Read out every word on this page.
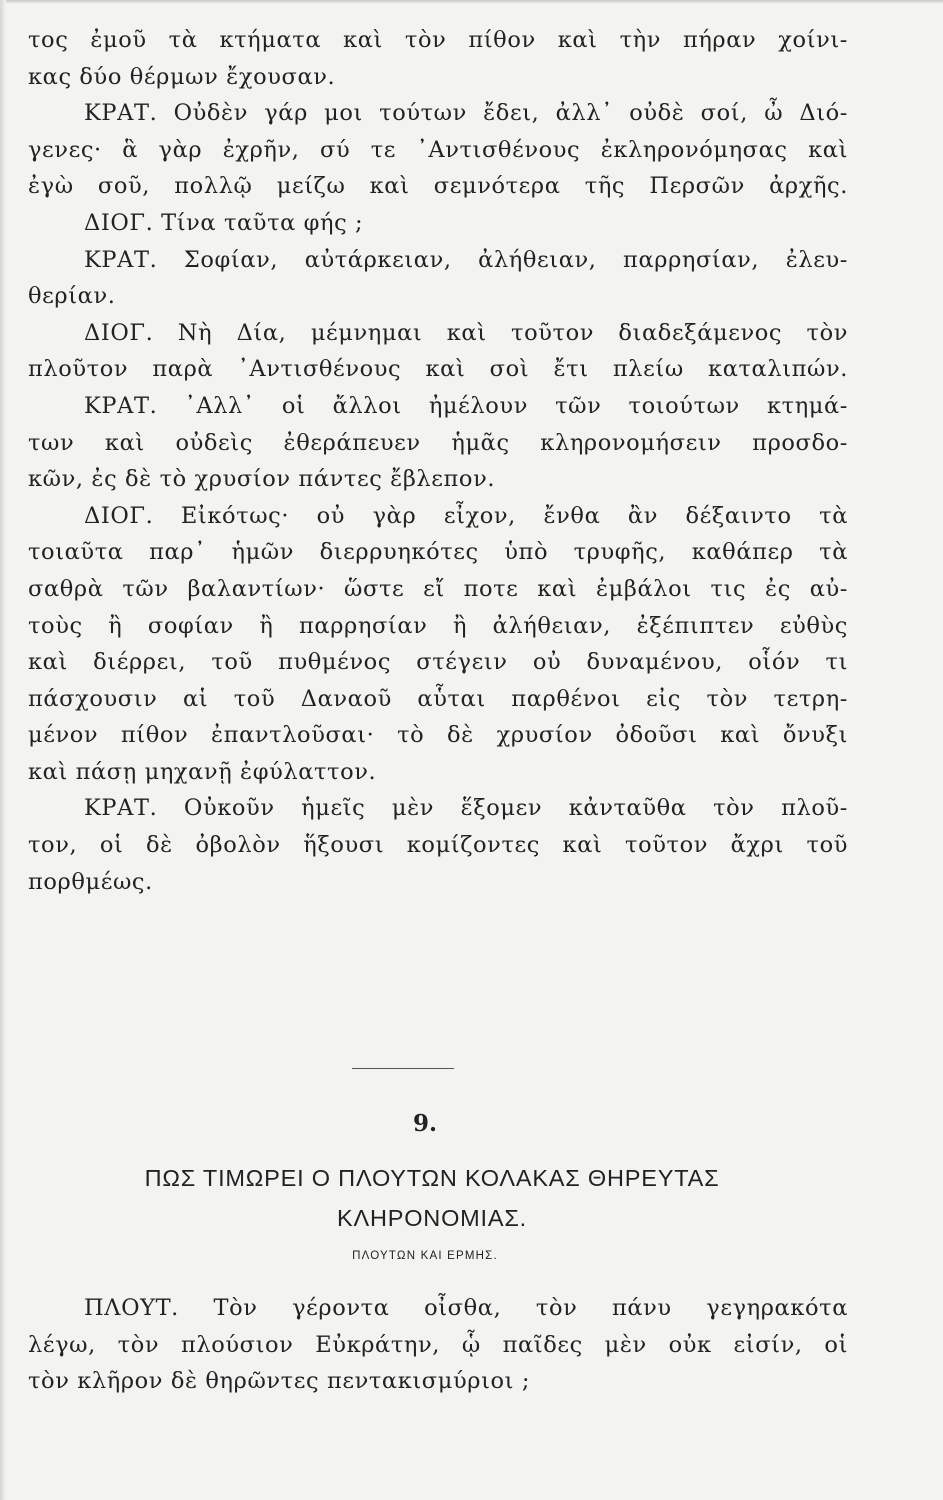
τος ἐμοῦ τὰ κτήματα καὶ τὸν πίθον καὶ τὴν πήραν χοίνι-
κας δύο θέρμων ἔχουσαν.
ΚΡΑΤ. Οὐδὲν γάρ μοι τούτων ἔδει, ἀλλ᾽ οὐδὲ σοί, ὦ Διό-
γενες· ἃ γὰρ ἐχρῆν, σύ τε ᾿Αντισθένους ἐκληρονόμησας καὶ
ἐγὼ σοῦ, πολλῷ μείζω καὶ σεμνότερα τῆς Περσῶν ἀρχῆς.
ΔΙΟΓ. Τίνα ταῦτα φής ;
ΚΡΑΤ. Σοφίαν, αὐτάρκειαν, ἀλήθειαν, παρρησίαν, ἐλευ-
θερίαν.
ΔΙΟΓ. Νὴ Δία, μέμνημαι καὶ τοῦτον διαδεξάμενος τὸν
πλοῦτον παρὰ ᾿Αντισθένους καὶ σοὶ ἔτι πλείω καταλιπών.
ΚΡΑΤ. ᾿Αλλ᾽ οἱ ἄλλοι ἠμέλουν τῶν τοιούτων κτημά-
των καὶ οὐδεὶς ἐθεράπευεν ἡμᾶς κληρονομήσειν προσδο-
κῶν, ἐς δὲ τὸ χρυσίον πάντες ἔβλεπον.
ΔΙΟΓ. Εἰκότως· οὐ γὰρ εἶχον, ἔνθα ἂν δέξαιντο τὰ
τοιαῦτα παρ᾽ ἡμῶν διερρυηκότες ὑπὸ τρυφῆς, καθάπερ τὰ
σαθρὰ τῶν βαλαντίων· ὥστε εἴ ποτε καὶ ἐμβάλοι τις ἐς αὐ-
τοὺς ἢ σοφίαν ἢ παρρησίαν ἢ ἀλήθειαν, ἐξέπιπτεν εὐθὺς
καὶ διέρρει, τοῦ πυθμένος στέγειν οὐ δυναμένου, οἷόν τι
πάσχουσιν αἱ τοῦ Δαναοῦ αὗται παρθένοι εἰς τὸν τετρη-
μένον πίθον ἐπαντλοῦσαι· τὸ δὲ χρυσίον ὀδοῦσι καὶ ὄνυξι
καὶ πάσῃ μηχανῇ ἐφύλαττον.
ΚΡΑΤ. Οὐκοῦν ἡμεῖς μὲν ἕξομεν κἀνταῦθα τὸν πλοῦ-
τον, οἱ δὲ ὀβολὸν ἥξουσι κομίζοντες καὶ τοῦτον ἄχρι τοῦ
πορθμέως.
9.
ΠΩΣ ΤΙΜΩΡΕΙ Ο ΠΛΟΥΤΩΝ ΚΟΛΑΚΑΣ ΘΗΡΕΥΤΑΣ
ΚΛΗΡΟΝΟΜΙΑΣ.
ΠΛΟΥΤΩΝ ΚΑΙ ΕΡΜΗΣ.
ΠΛΟΥΤ. Τὸν γέροντα οἶσθα, τὸν πάνυ γεγηρακότα
λέγω, τὸν πλούσιον Εὐκράτην, ᾧ παῖδες μὲν οὐκ εἰσίν, οἱ
τὸν κλῆρον δὲ θηρῶντες πεντακισμύριοι ;
